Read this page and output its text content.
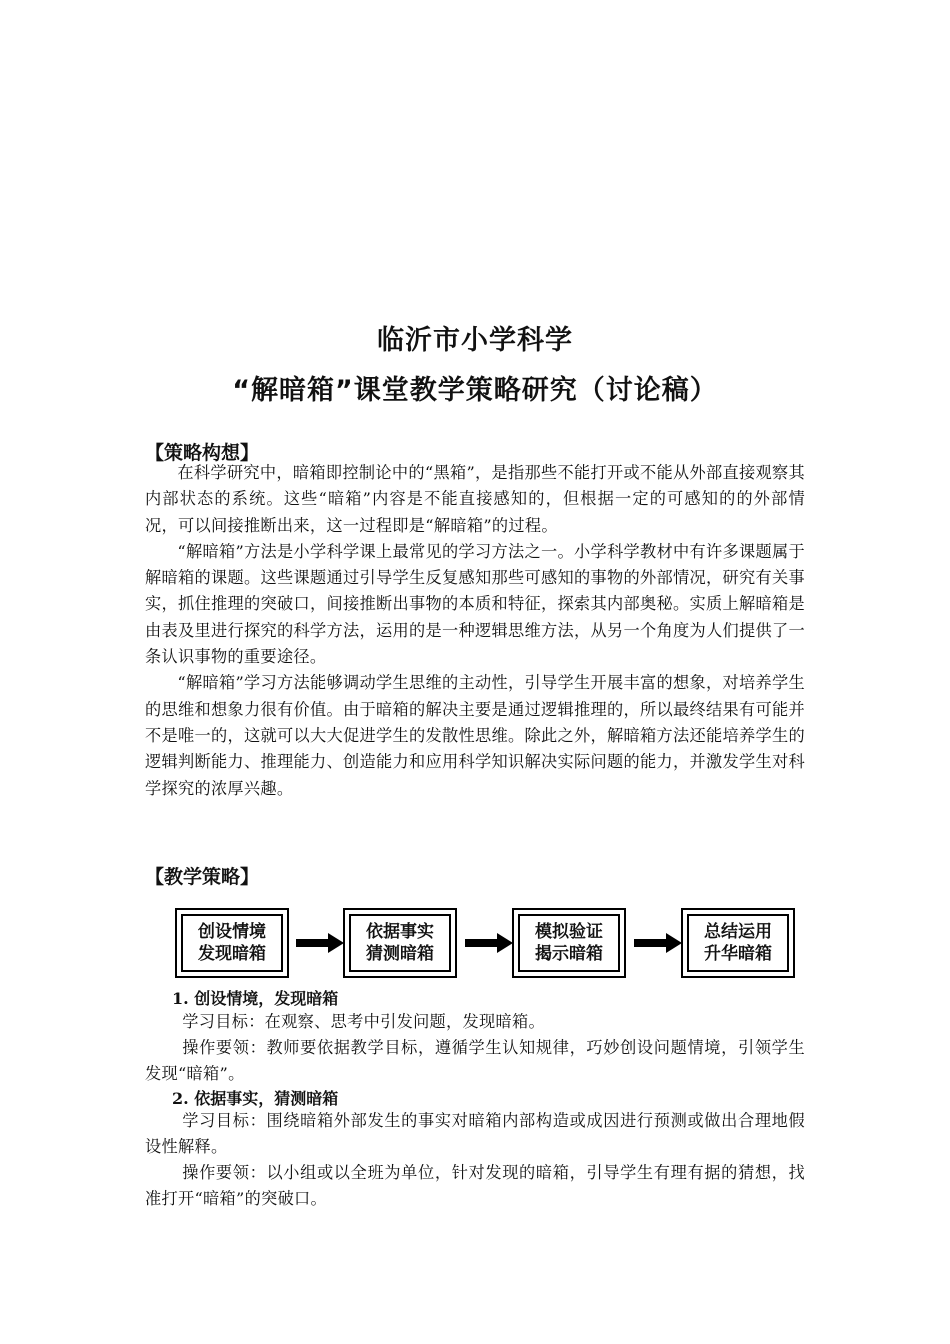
临沂市小学科学
“解暗箱”课堂教学策略研究（讨论稿）
【策略构想】

在科学研究中，暗箱即控制论中的“黑箱”，是指那些不能打开或不能从外部直接观察其内部状态的系统。这些“暗箱”内容是不能直接感知的，但根据一定的可感知的的外部情况，可以间接推断出来，这一过程即是“解暗箱”的过程。

“解暗箱”方法是小学科学课上最常见的学习方法之一。小学科学教材中有许多课题属于解暗箱的课题。这些课题通过引导学生反复感知那些可感知的事物的外部情况，研究有关事实，抓住推理的突破口，间接推断出事物的本质和特征，探索其内部奥秘。实质上解暗箱是由表及里进行探究的科学方法，运用的是一种逻辑思维方法，从另一个角度为人们提供了一条认识事物的重要途径。

“解暗箱”学习方法能够调动学生思维的主动性，引导学生开展丰富的想象，对培养学生的思维和想象力很有价值。由于暗箱的解决主要是通过逻辑推理的，所以最终结果有可能并不是唯一的，这就可以大大促进学生的发散性思维。除此之外，解暗箱方法还能培养学生的逻辑判断能力、推理能力、创造能力和应用科学知识解决实际问题的能力，并激发学生对科学探究的浓厚兴趣。

【教学策略】
创设情境
发现暗箱
依据事实
猜测暗箱
模拟验证
揭示暗箱
总结运用
升华暗箱
1. 创设情境，发现暗箱

学习目标：在观察、思考中引发问题，发现暗箱。

操作要领：教师要依据教学目标，遵循学生认知规律，巧妙创设问题情境，引领学生发现“暗箱”。

2. 依据事实，猜测暗箱

学习目标：围绕暗箱外部发生的事实对暗箱内部构造或成因进行预测或做出合理地假设性解释。

操作要领：以小组或以全班为单位，针对发现的暗箱，引导学生有理有据的猜想，找准打开“暗箱”的突破口。
